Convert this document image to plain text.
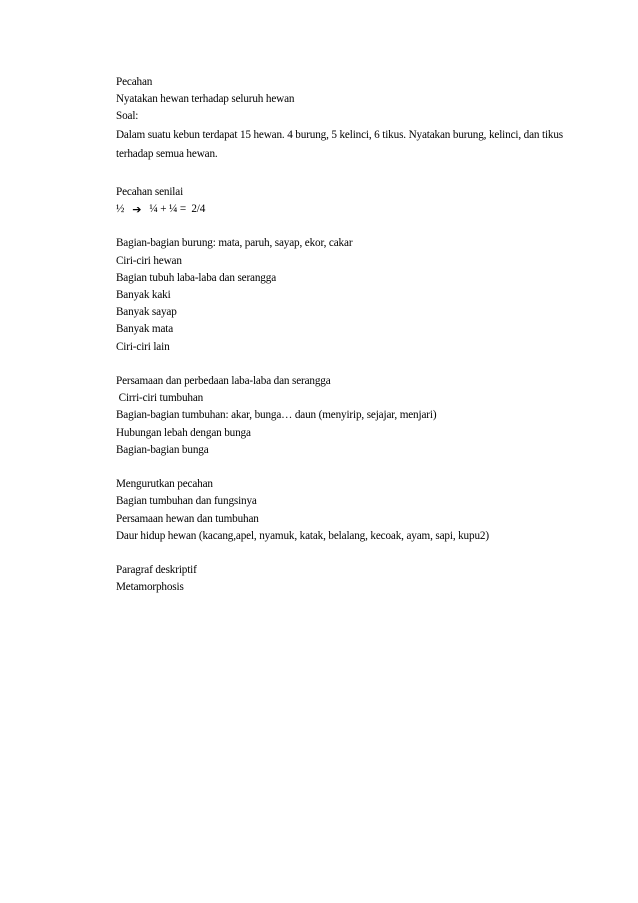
Pecahan
Nyatakan hewan terhadap seluruh hewan
Soal:
Dalam suatu kebun terdapat 15 hewan. 4 burung, 5 kelinci, 6 tikus. Nyatakan burung, kelinci, dan tikus terhadap semua hewan.
Pecahan senilai
½ ➔ ¼ + ¼ =  2/4
Bagian-bagian burung: mata, paruh, sayap, ekor, cakar
Ciri-ciri hewan
Bagian tubuh laba-laba dan serangga
Banyak kaki
Banyak sayap
Banyak mata
Ciri-ciri lain
Persamaan dan perbedaan laba-laba dan serangga
Cirri-ciri tumbuhan
Bagian-bagian tumbuhan: akar, bunga… daun (menyirip, sejajar, menjari)
Hubungan lebah dengan bunga
Bagian-bagian bunga
Mengurutkan pecahan
Bagian tumbuhan dan fungsinya
Persamaan hewan dan tumbuhan
Daur hidup hewan (kacang,apel, nyamuk, katak, belalang, kecoak, ayam, sapi, kupu2)
Paragraf deskriptif
Metamorphosis
